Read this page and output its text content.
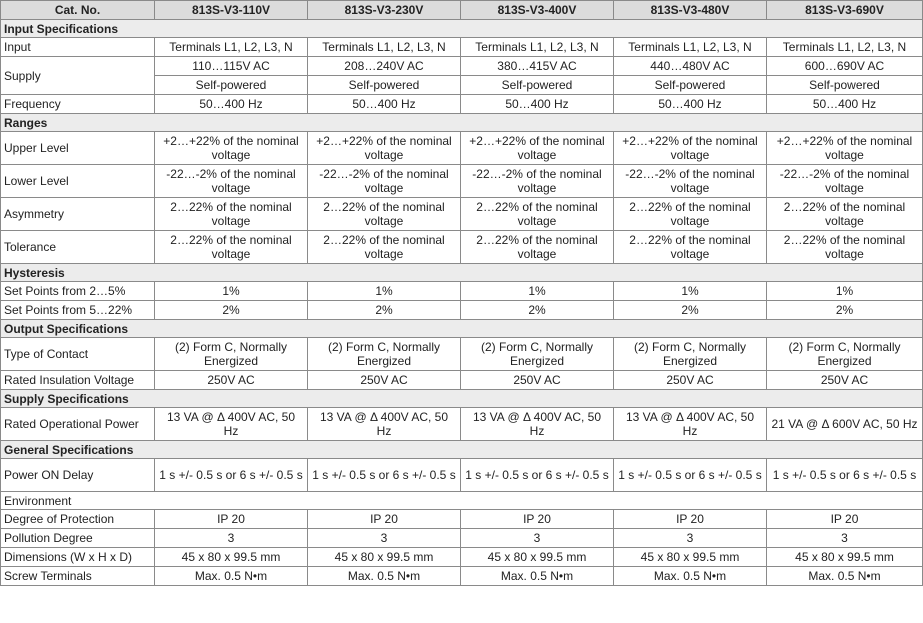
Cat. No.	813S-V3-110V	813S-V3-230V	813S-V3-400V	813S-V3-480V	813S-V3-690V
Input Specifications					
Input	Terminals L1, L2, L3, N	Terminals L1, L2, L3, N	Terminals L1, L2, L3, N	Terminals L1, L2, L3, N	Terminals L1, L2, L3, N
Supply	110…115V AC	208…240V AC	380…415V AC	440…480V AC	600…690V AC
	Self-powered	Self-powered	Self-powered	Self-powered	Self-powered
Frequency	50…400 Hz	50…400 Hz	50…400 Hz	50…400 Hz	50…400 Hz
Ranges					
Upper Level	+2…+22% of the nominal voltage	+2…+22% of the nominal voltage	+2…+22% of the nominal voltage	+2…+22% of the nominal voltage	+2…+22% of the nominal voltage
Lower Level	-22…-2% of the nominal voltage	-22…-2% of the nominal voltage	-22…-2% of the nominal voltage	-22…-2% of the nominal voltage	-22…-2% of the nominal voltage
Asymmetry	2…22% of the nominal voltage	2…22% of the nominal voltage	2…22% of the nominal voltage	2…22% of the nominal voltage	2…22% of the nominal voltage
Tolerance	2…22% of the nominal voltage	2…22% of the nominal voltage	2…22% of the nominal voltage	2…22% of the nominal voltage	2…22% of the nominal voltage
Hysteresis					
Set Points from 2…5%	1%	1%	1%	1%	1%
Set Points from 5…22%	2%	2%	2%	2%	2%
Output Specifications					
Type of Contact	(2) Form C, Normally Energized	(2) Form C, Normally Energized	(2) Form C, Normally Energized	(2) Form C, Normally Energized	(2) Form C, Normally Energized
Rated Insulation Voltage	250V AC	250V AC	250V AC	250V AC	250V AC
Supply Specifications					
Rated Operational Power	13 VA @ Δ 400V AC, 50 Hz	13 VA @ Δ 400V AC, 50 Hz	13 VA @ Δ 400V AC, 50 Hz	13 VA @ Δ 400V AC, 50 Hz	21 VA @ Δ 600V AC, 50 Hz
General Specifications					
Power ON Delay	1 s +/- 0.5 s or 6 s +/- 0.5 s	1 s +/- 0.5 s or 6 s +/- 0.5 s	1 s +/- 0.5 s or 6 s +/- 0.5 s	1 s +/- 0.5 s or 6 s +/- 0.5 s	1 s +/- 0.5 s or 6 s +/- 0.5 s
Environment					
Degree of Protection	IP 20	IP 20	IP 20	IP 20	IP 20
Pollution Degree	3	3	3	3	3
Dimensions (W x H x D)	45 x 80 x 99.5 mm	45 x 80 x 99.5 mm	45 x 80 x 99.5 mm	45 x 80 x 99.5 mm	45 x 80 x 99.5 mm
Screw Terminals	Max. 0.5 N•m	Max. 0.5 N•m	Max. 0.5 N•m	Max. 0.5 N•m	Max. 0.5 N•m
